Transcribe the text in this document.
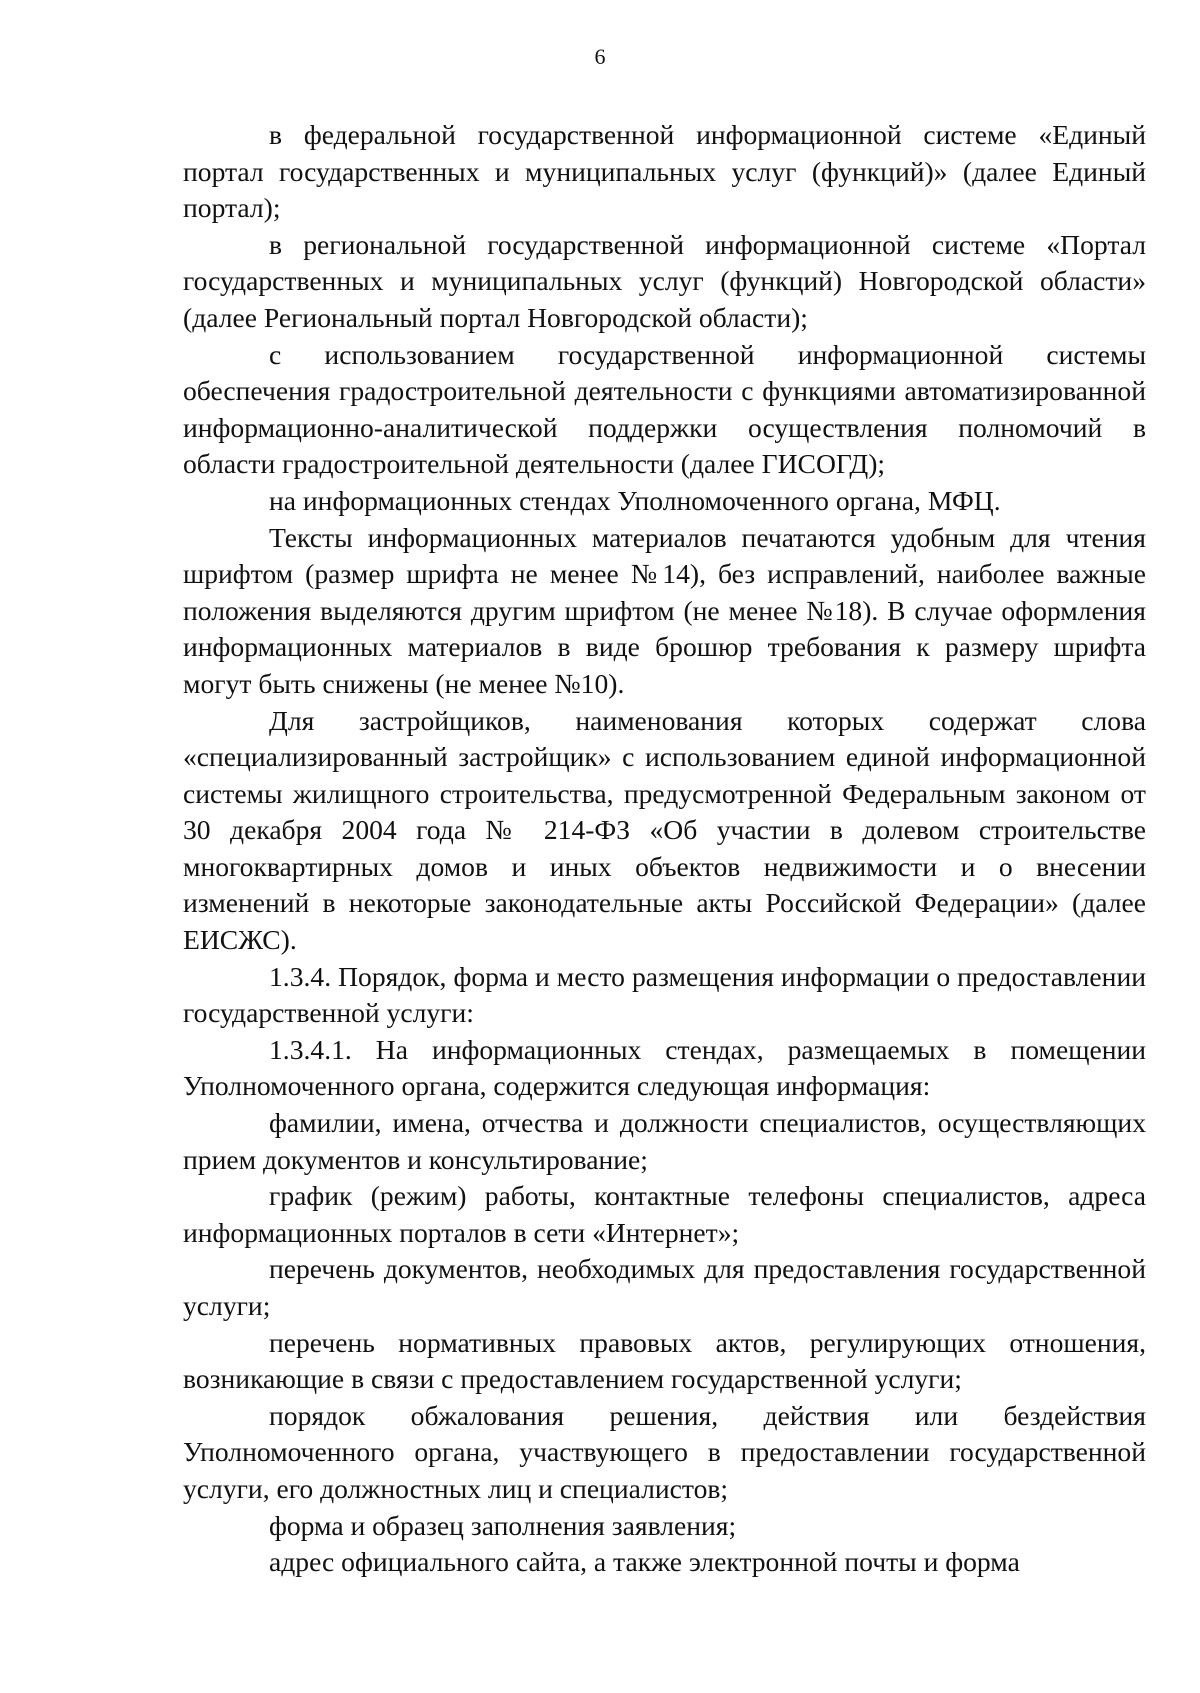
6

в федеральной государственной информационной системе «Единый портал государственных и муниципальных услуг (функций)» (далее Единый портал);

в региональной государственной информационной системе «Портал государственных и муниципальных услуг (функций) Новгородской области» (далее Региональный портал Новгородской области);

с использованием государственной информационной системы обеспечения градостроительной деятельности с функциями автоматизированной информационно-аналитической поддержки осуществления полномочий в области градостроительной деятельности (далее ГИСОГД);

на информационных стендах Уполномоченного органа, МФЦ.

Тексты информационных материалов печатаются удобным для чтения шрифтом (размер шрифта не менее №14), без исправлений, наиболее важные положения выделяются другим шрифтом (не менее №18). В случае оформления информационных материалов в виде брошюр требования к размеру шрифта могут быть снижены (не менее №10).

Для застройщиков, наименования которых содержат слова «специализированный застройщик» с использованием единой информационной системы жилищного строительства, предусмотренной Федеральным законом от 30 декабря 2004 года № 214-ФЗ «Об участии в долевом строительстве многоквартирных домов и иных объектов недвижимости и о внесении изменений в некоторые законодательные акты Российской Федерации» (далее ЕИСЖС).

1.3.4. Порядок, форма и место размещения информации о предоставлении государственной услуги:

1.3.4.1. На информационных стендах, размещаемых в помещении Уполномоченного органа, содержится следующая информация:

фамилии, имена, отчества и должности специалистов, осуществляющих прием документов и консультирование;

график (режим) работы, контактные телефоны специалистов, адреса информационных порталов в сети «Интернет»;

перечень документов, необходимых для предоставления государственной услуги;

перечень нормативных правовых актов, регулирующих отношения, возникающие в связи с предоставлением государственной услуги;

порядок обжалования решения, действия или бездействия Уполномоченного органа, участвующего в предоставлении государственной услуги, его должностных лиц и специалистов;

форма и образец заполнения заявления;

адрес официального сайта, а также электронной почты и форма
